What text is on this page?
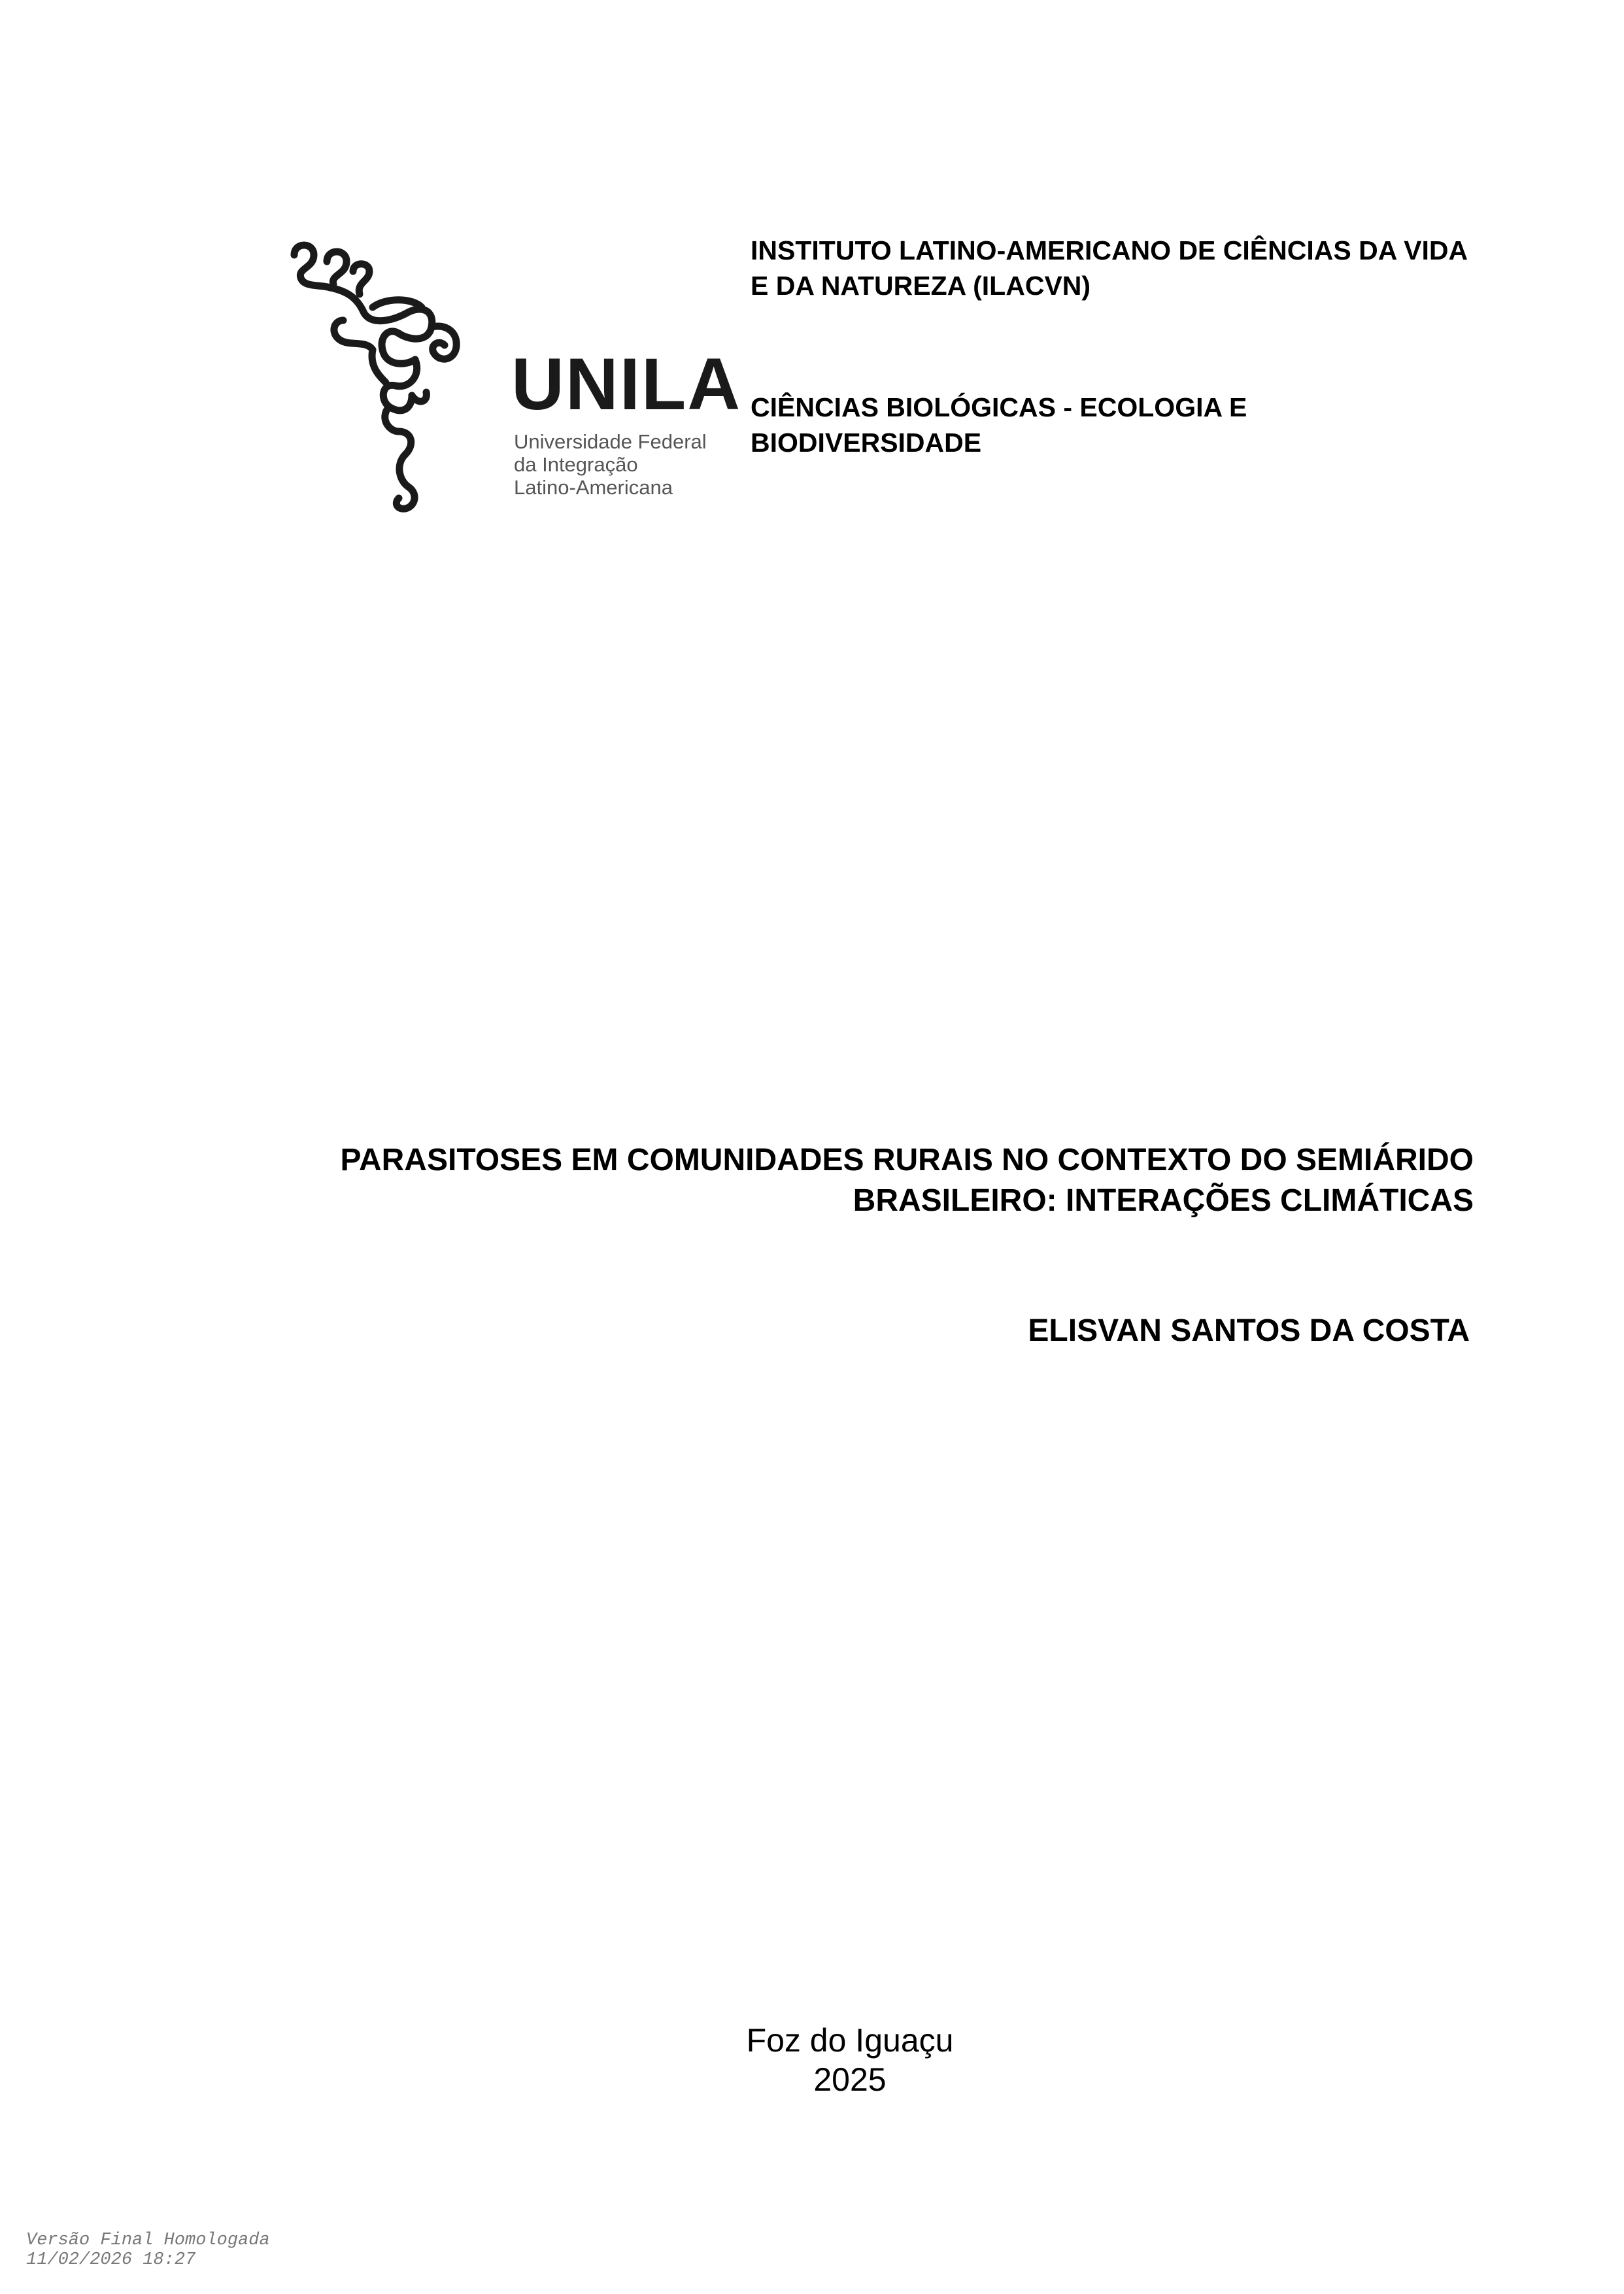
UNILA
Universidade Federal
da Integração
Latino-Americana
INSTITUTO LATINO-AMERICANO DE CIÊNCIAS DA VIDA E DA NATUREZA (ILACVN)
CIÊNCIAS BIOLÓGICAS - ECOLOGIA E BIODIVERSIDADE
PARASITOSES EM COMUNIDADES RURAIS NO CONTEXTO DO SEMIÁRIDO BRASILEIRO: INTERAÇÕES CLIMÁTICAS
ELISVAN SANTOS DA COSTA
Foz do Iguaçu
2025
Versão Final Homologada
11/02/2026 18:27
